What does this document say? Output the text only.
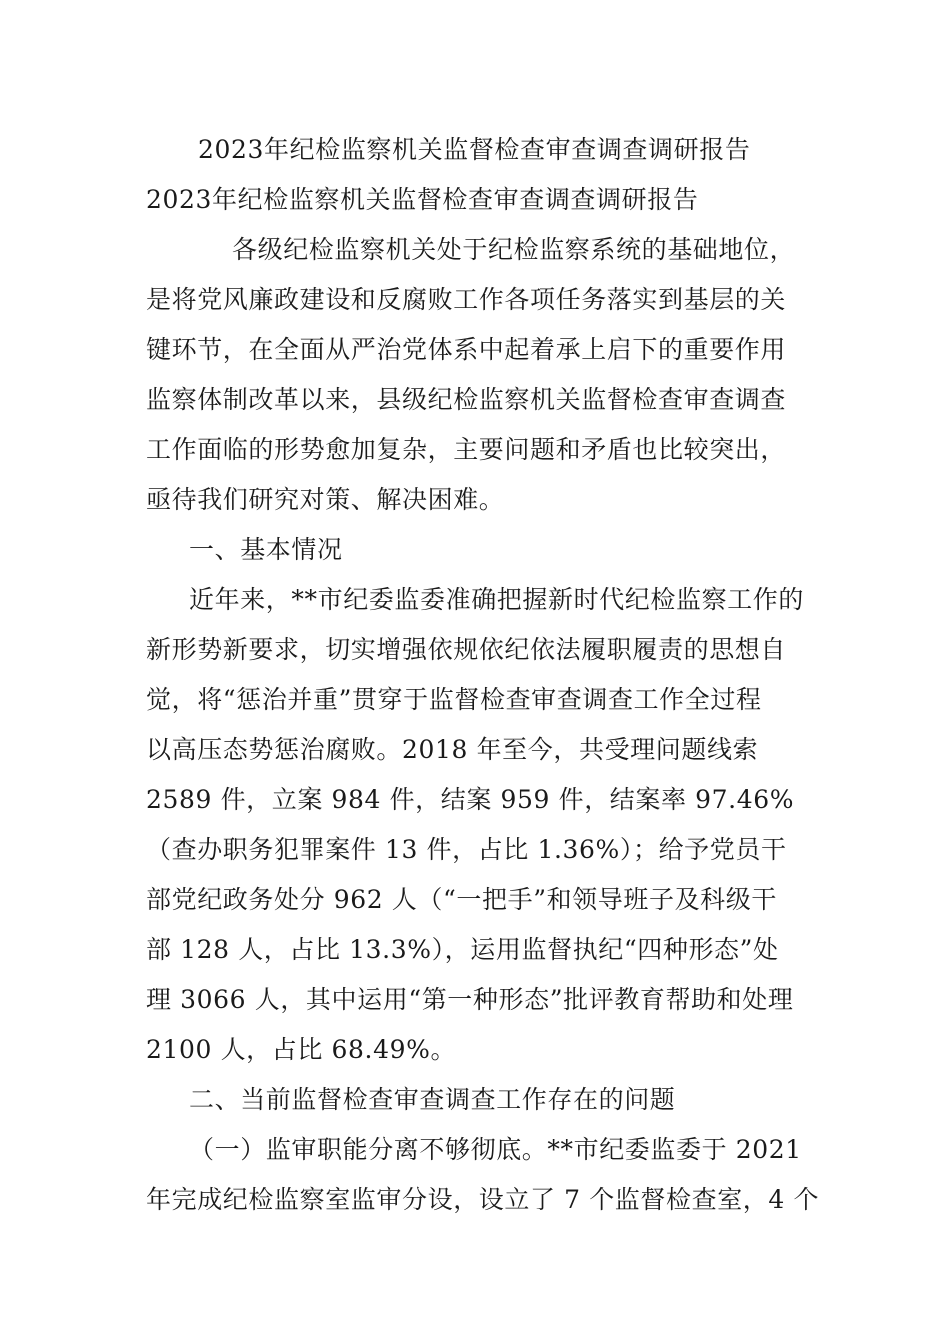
2023年纪检监察机关监督检查审查调查调研报告
2023年纪检监察机关监督检查审查调查调研报告
各级纪检监察机关处于纪检监察系统的基础地位，
是将党风廉政建设和反腐败工作各项任务落实到基层的关
键环节，在全面从严治党体系中起着承上启下的重要作用
监察体制改革以来，县级纪检监察机关监督检查审查调查
工作面临的形势愈加复杂，主要问题和矛盾也比较突出，
亟待我们研究对策、解决困难。
一、基本情况
近年来，**市纪委监委准确把握新时代纪检监察工作的
新形势新要求，切实增强依规依纪依法履职履责的思想自
觉，将“惩治并重”贯穿于监督检查审查调查工作全过程
以高压态势惩治腐败。2018 年至今，共受理问题线索
2589 件，立案 984 件，结案 959 件，结案率 97.46%
（查办职务犯罪案件 13 件，占比 1.36%）；给予党员干
部党纪政务处分 962 人（“一把手”和领导班子及科级干
部 128 人，占比 13.3%），运用监督执纪“四种形态”处
理 3066 人，其中运用“第一种形态”批评教育帮助和处理
2100 人，占比 68.49%。
二、当前监督检查审查调查工作存在的问题
（一）监审职能分离不够彻底。**市纪委监委于 2021
年完成纪检监察室监审分设，设立了 7 个监督检查室，4 个
